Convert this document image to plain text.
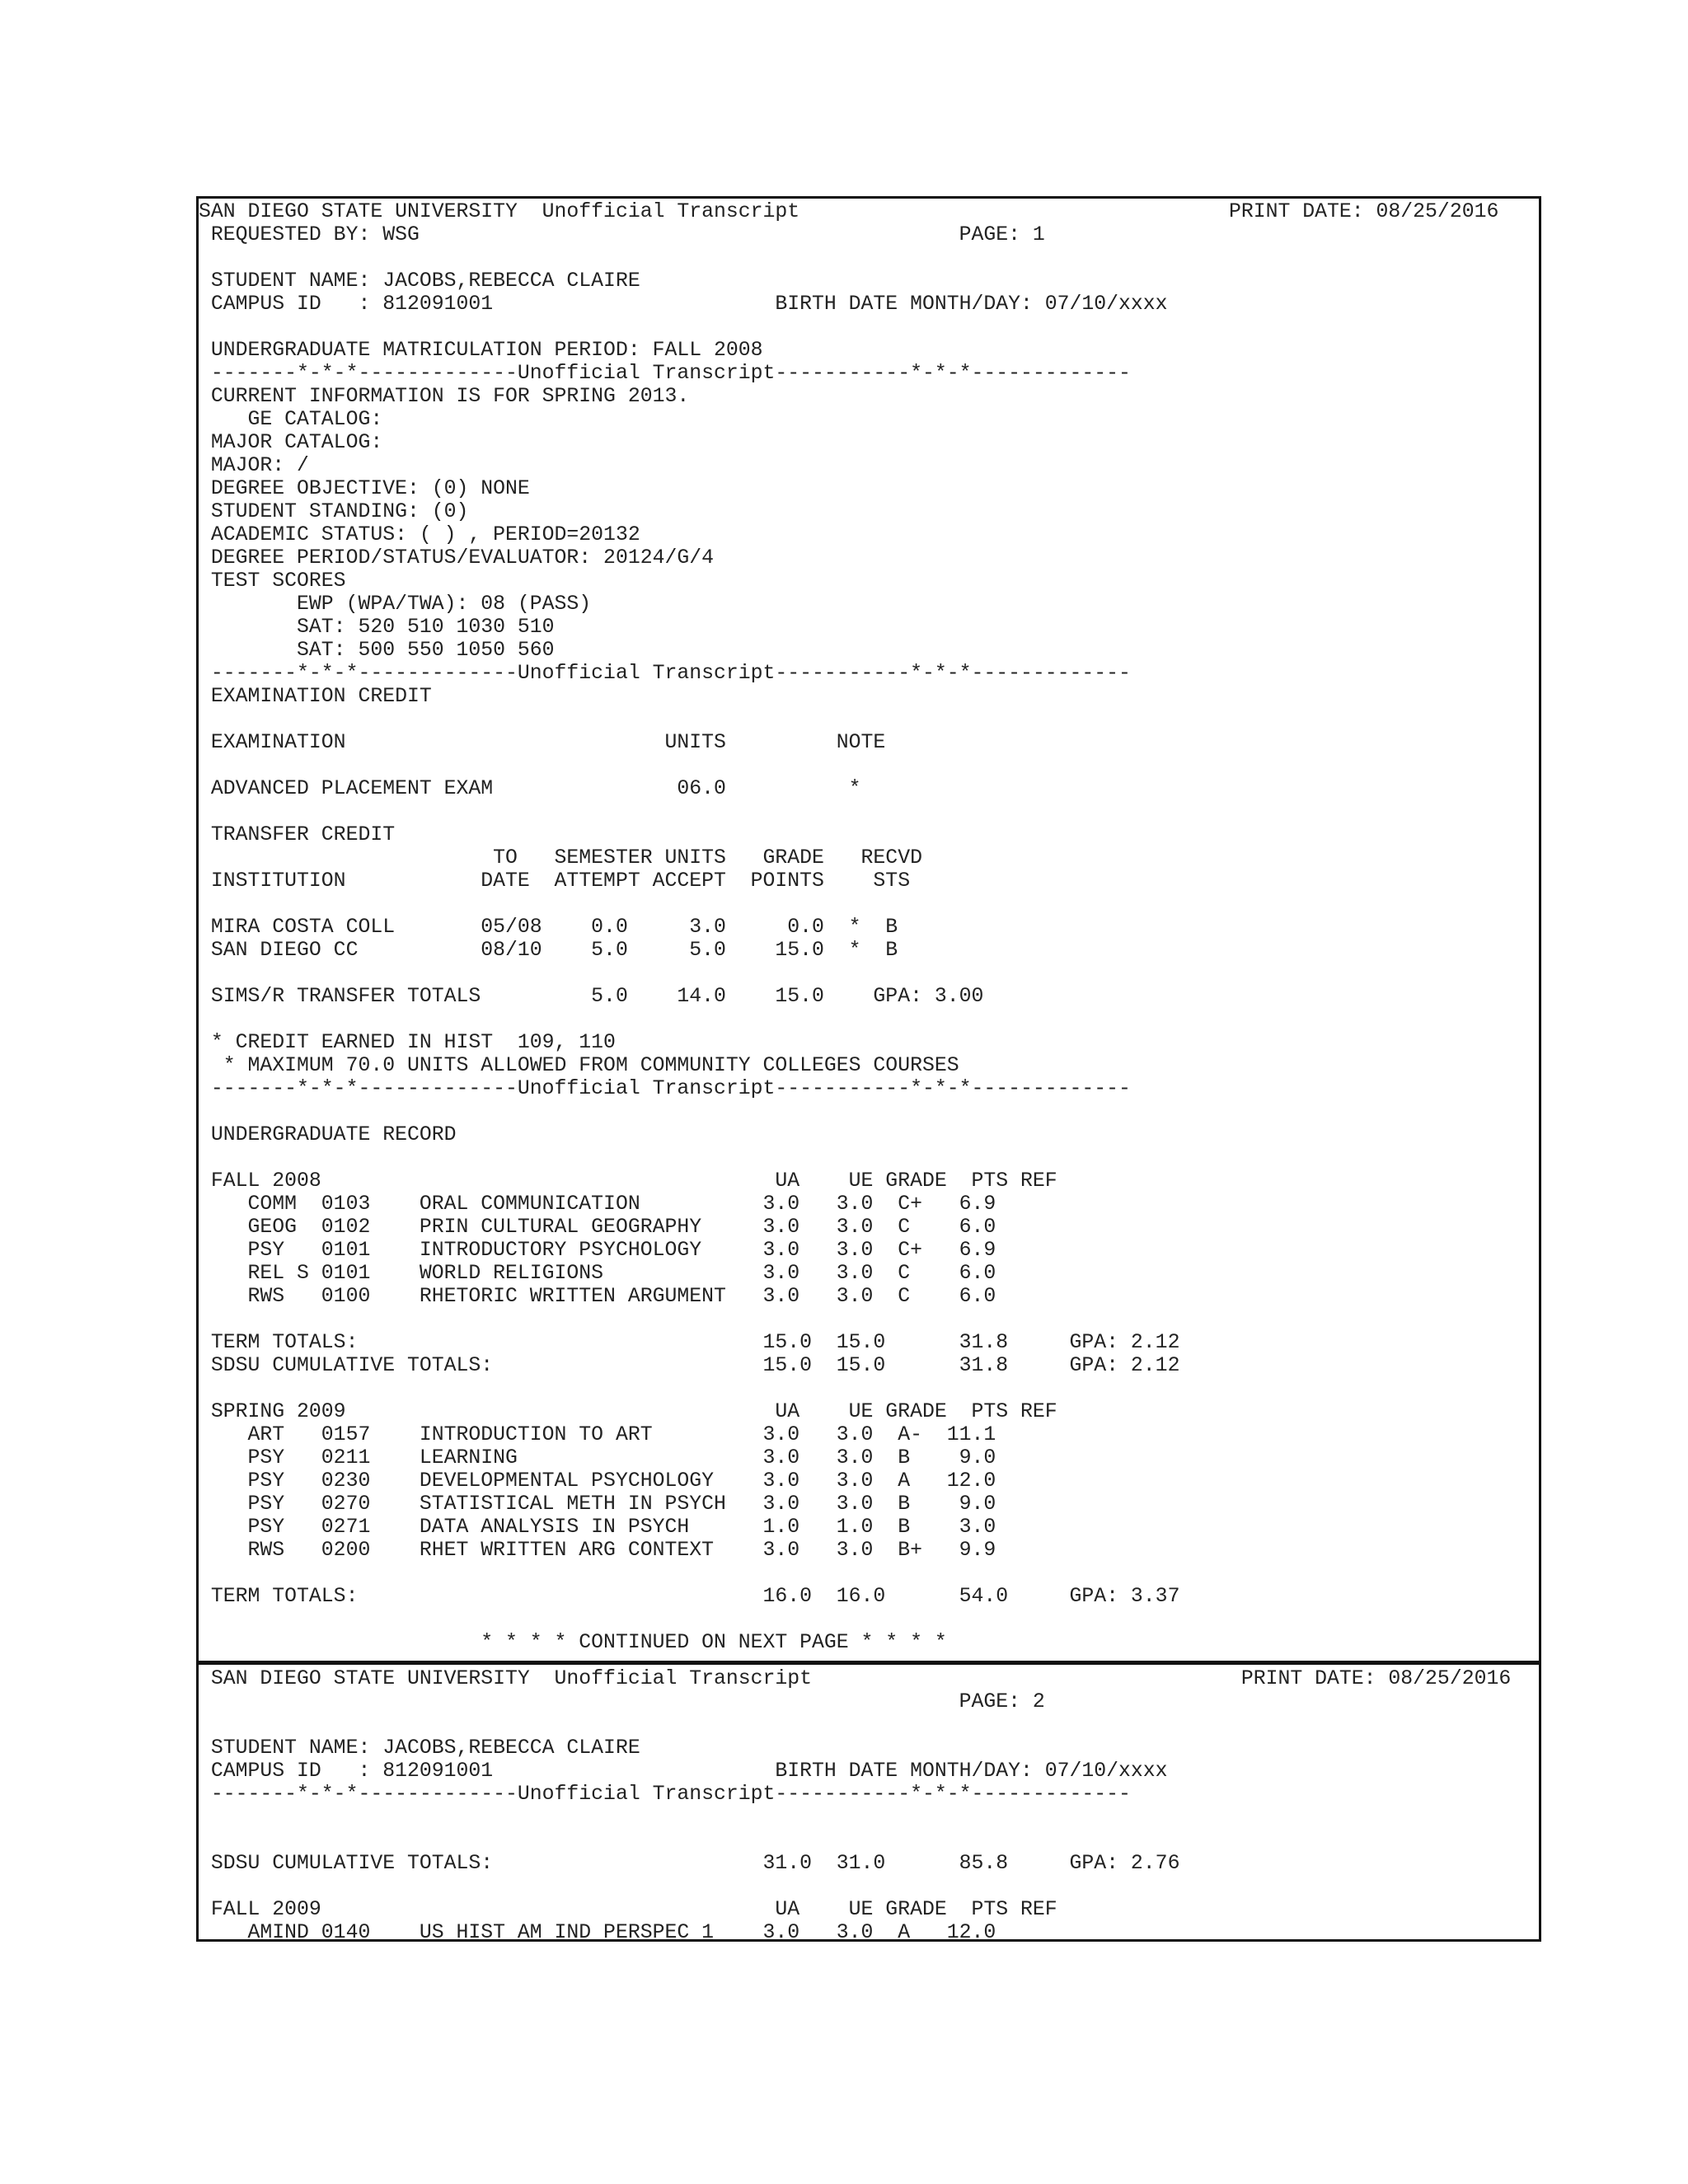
SAN DIEGO STATE UNIVERSITY  Unofficial Transcript                                   PRINT DATE: 08/25/2016
REQUESTED BY: WSG                                            PAGE: 1
STUDENT NAME: JACOBS,REBECCA CLAIRE
CAMPUS ID   : 812091001                       BIRTH DATE MONTH/DAY: 07/10/xxxx
UNDERGRADUATE MATRICULATION PERIOD: FALL 2008
-------*-*-*-------------Unofficial Transcript-----------*-*-*-------------
CURRENT INFORMATION IS FOR SPRING 2013.
GE CATALOG:
MAJOR CATALOG:
MAJOR: /
DEGREE OBJECTIVE: (0) NONE
STUDENT STANDING: (0)
ACADEMIC STATUS: ( ) , PERIOD=20132
DEGREE PERIOD/STATUS/EVALUATOR: 20124/G/4
TEST SCORES
EWP (WPA/TWA): 08 (PASS)
SAT: 520 510 1030 510
SAT: 500 550 1050 560
-------*-*-*-------------Unofficial Transcript-----------*-*-*-------------
EXAMINATION CREDIT
EXAMINATION                          UNITS         NOTE
ADVANCED PLACEMENT EXAM               06.0          *
TRANSFER CREDIT
TO   SEMESTER UNITS   GRADE   RECVD
INSTITUTION           DATE  ATTEMPT ACCEPT  POINTS    STS
MIRA COSTA COLL       05/08    0.0     3.0     0.0  *  B
SAN DIEGO CC          08/10    5.0     5.0    15.0  *  B
SIMS/R TRANSFER TOTALS         5.0    14.0    15.0    GPA: 3.00
* CREDIT EARNED IN HIST  109, 110
* MAXIMUM 70.0 UNITS ALLOWED FROM COMMUNITY COLLEGES COURSES
-------*-*-*-------------Unofficial Transcript-----------*-*-*-------------
UNDERGRADUATE RECORD
FALL 2008                                     UA    UE GRADE  PTS REF
COMM  0103    ORAL COMMUNICATION          3.0   3.0  C+   6.9
GEOG  0102    PRIN CULTURAL GEOGRAPHY     3.0   3.0  C    6.0
PSY   0101    INTRODUCTORY PSYCHOLOGY     3.0   3.0  C+   6.9
REL S 0101    WORLD RELIGIONS             3.0   3.0  C    6.0
RWS   0100    RHETORIC WRITTEN ARGUMENT   3.0   3.0  C    6.0
TERM TOTALS:                                 15.0  15.0      31.8     GPA: 2.12
SDSU CUMULATIVE TOTALS:                      15.0  15.0      31.8     GPA: 2.12
SPRING 2009                                   UA    UE GRADE  PTS REF
ART   0157    INTRODUCTION TO ART         3.0   3.0  A-  11.1
PSY   0211    LEARNING                    3.0   3.0  B    9.0
PSY   0230    DEVELOPMENTAL PSYCHOLOGY    3.0   3.0  A   12.0
PSY   0270    STATISTICAL METH IN PSYCH   3.0   3.0  B    9.0
PSY   0271    DATA ANALYSIS IN PSYCH      1.0   1.0  B    3.0
RWS   0200    RHET WRITTEN ARG CONTEXT    3.0   3.0  B+   9.9
TERM TOTALS:                                 16.0  16.0      54.0     GPA: 3.37
* * * * CONTINUED ON NEXT PAGE * * * *
SAN DIEGO STATE UNIVERSITY  Unofficial Transcript                                   PRINT DATE: 08/25/2016
PAGE: 2
STUDENT NAME: JACOBS,REBECCA CLAIRE
CAMPUS ID   : 812091001                       BIRTH DATE MONTH/DAY: 07/10/xxxx
-------*-*-*-------------Unofficial Transcript-----------*-*-*-------------
SDSU CUMULATIVE TOTALS:                      31.0  31.0      85.8     GPA: 2.76
FALL 2009                                     UA    UE GRADE  PTS REF
AMIND 0140    US HIST AM IND PERSPEC 1    3.0   3.0  A   12.0
